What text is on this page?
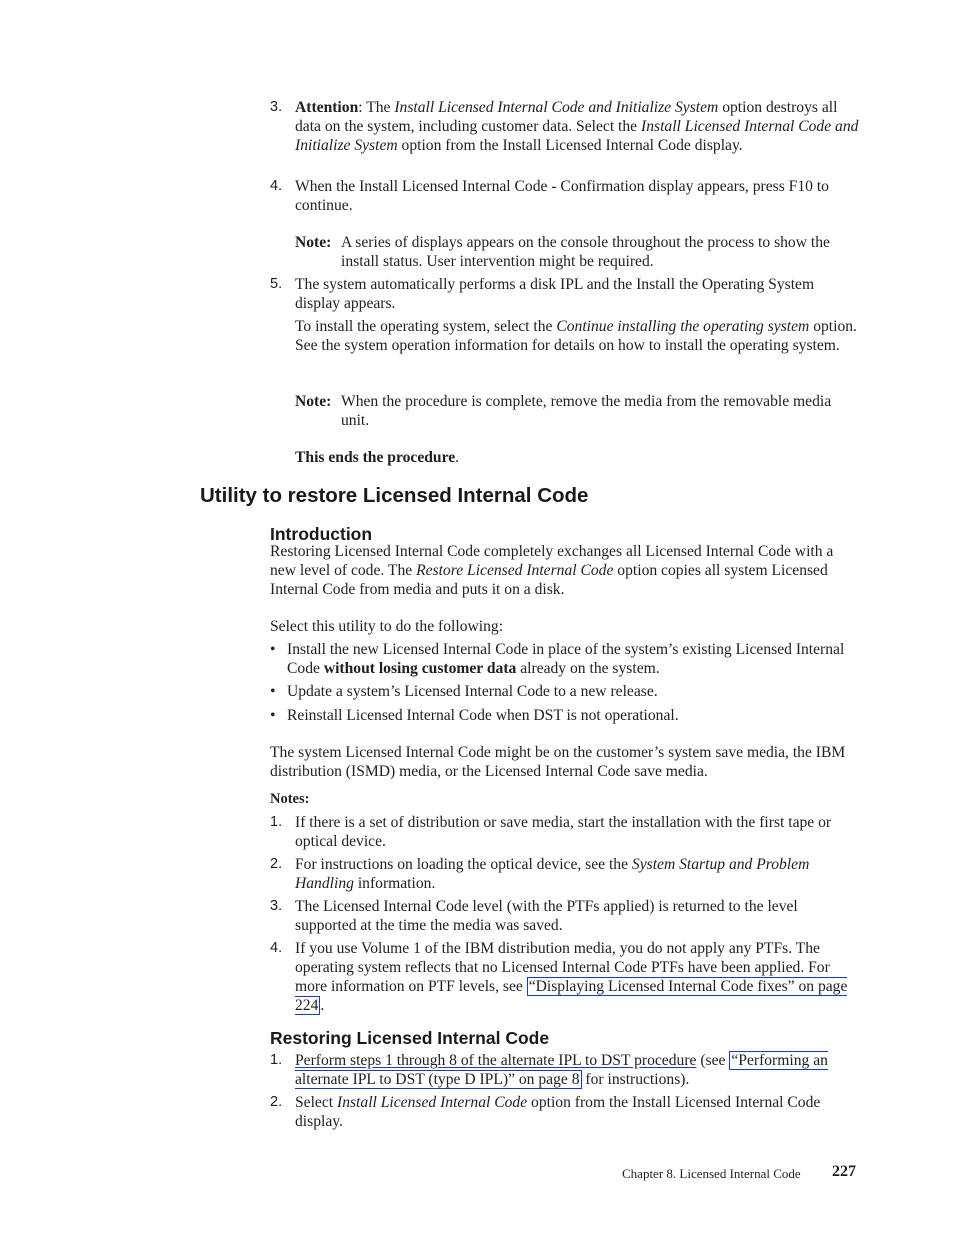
3. Attention: The Install Licensed Internal Code and Initialize System option destroys all data on the system, including customer data. Select the Install Licensed Internal Code and Initialize System option from the Install Licensed Internal Code display.
4. When the Install Licensed Internal Code - Confirmation display appears, press F10 to continue.
Note: A series of displays appears on the console throughout the process to show the install status. User intervention might be required.
5. The system automatically performs a disk IPL and the Install the Operating System display appears.
To install the operating system, select the Continue installing the operating system option. See the system operation information for details on how to install the operating system.
Note: When the procedure is complete, remove the media from the removable media unit.
This ends the procedure.
Utility to restore Licensed Internal Code
Introduction
Restoring Licensed Internal Code completely exchanges all Licensed Internal Code with a new level of code. The Restore Licensed Internal Code option copies all system Licensed Internal Code from media and puts it on a disk.
Select this utility to do the following:
• Install the new Licensed Internal Code in place of the system’s existing Licensed Internal Code without losing customer data already on the system.
• Update a system’s Licensed Internal Code to a new release.
• Reinstall Licensed Internal Code when DST is not operational.
The system Licensed Internal Code might be on the customer’s system save media, the IBM distribution (ISMD) media, or the Licensed Internal Code save media.
Notes:
1. If there is a set of distribution or save media, start the installation with the first tape or optical device.
2. For instructions on loading the optical device, see the System Startup and Problem Handling information.
3. The Licensed Internal Code level (with the PTFs applied) is returned to the level supported at the time the media was saved.
4. If you use Volume 1 of the IBM distribution media, you do not apply any PTFs. The operating system reflects that no Licensed Internal Code PTFs have been applied. For more information on PTF levels, see “Displaying Licensed Internal Code fixes” on page 224 .
Restoring Licensed Internal Code
1. Perform steps 1 through 8 of the alternate IPL to DST procedure (see “Performing an alternate IPL to DST (type D IPL)” on page 8 for instructions).
2. Select Install Licensed Internal Code option from the Install Licensed Internal Code display.
Chapter 8. Licensed Internal Code 227
